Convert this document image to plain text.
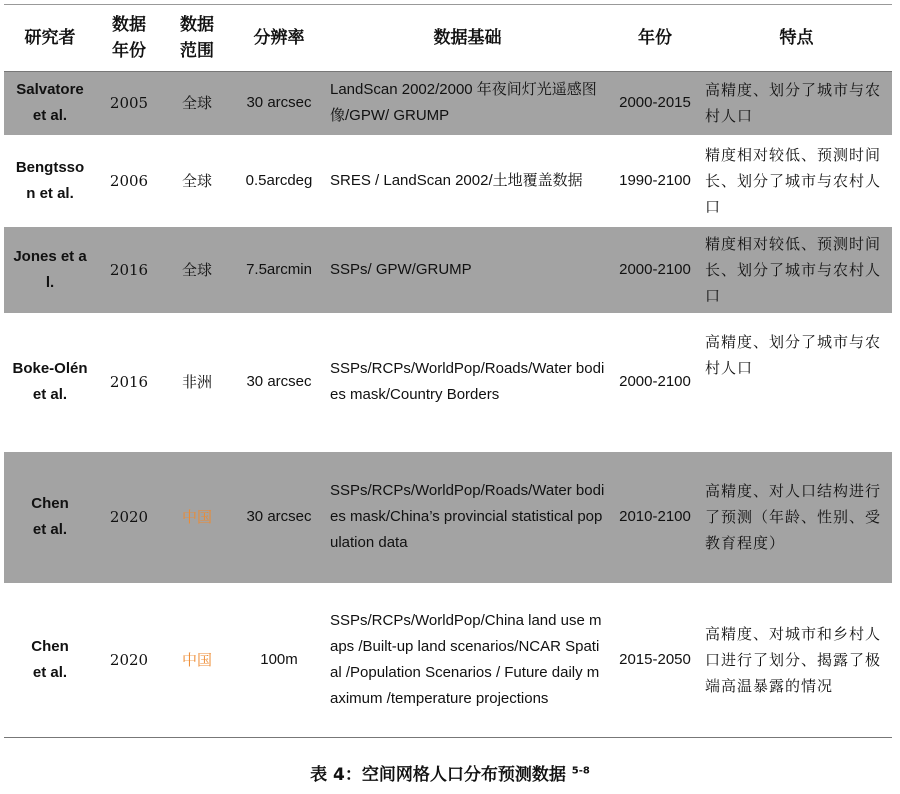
研究者	数据年份	数据范围	分辨率	数据基础	年份	特点

Salvatore et al.	2005	全球	30 arcsec	LandScan 2002/2000 年夜间灯光遥感图像/GPW/ GRUMP	2000-2015	高精度、划分了城市与农村人口

Bengtsson et al.	2006	全球	0.5arcdeg	SRES / LandScan 2002/土地覆盖数据	1990-2100	精度相对较低、预测时间长、划分了城市与农村人口

Jones et al.	2016	全球	7.5arcmin	SSPs/ GPW/GRUMP	2000-2100	精度相对较低、预测时间长、划分了城市与农村人口

Boke-Olénet al.	2016	非洲	30 arcsec	SSPs/RCPs/WorldPop/Roads/Water bodies mask/Country Borders	2000-2100	高精度、划分了城市与农村人口

Chen et al.	2020	中国	30 arcsec	SSPs/RCPs/WorldPop/Roads/Water bodies mask/China’s provincial statistical population data	2010-2100	高精度、对人口结构进行了预测（年龄、性别、受教育程度）

Chen et al.	2020	中国	100m	SSPs/RCPs/WorldPop/China land use maps /Built-up land scenarios/NCAR Spatial /Population Scenarios / Future daily maximum /temperature projections	2015-2050	高精度、对城市和乡村人口进行了划分、揭露了极端高温暴露的情况
表 4：空间网格人口分布预测数据 $^{5-8}$
